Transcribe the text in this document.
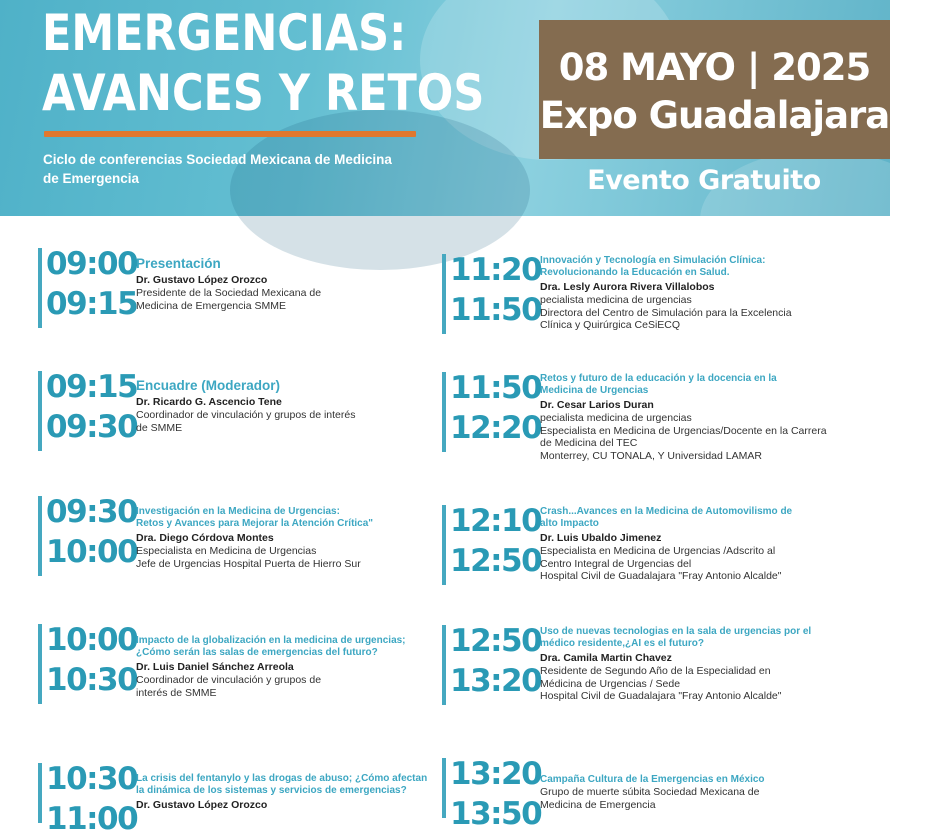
EMERGENCIAS:
AVANCES Y RETOS
Ciclo de conferencias Sociedad Mexicana de Medicina de Emergencia
08 MAYO | 2025
Expo Guadalajara
Evento Gratuito
09:00
09:15
Presentación
Dr. Gustavo López Orozco
Presidente de la Sociedad Mexicana de
Medicina de Emergencia SMME
09:15
09:30
Encuadre (Moderador)
Dr. Ricardo G. Ascencio Tene
Coordinador de vinculación y grupos de interés
de SMME
09:30
10:00
Investigación en la Medicina de Urgencias:
Retos y Avances para Mejorar la Atención Crítica"
Dra. Diego Córdova Montes
Especialista en Medicina de Urgencias
Jefe de Urgencias Hospital Puerta de Hierro Sur
10:00
10:30
Impacto de la globalización en la medicina de urgencias;
¿Cómo serán las salas de emergencias del futuro?
Dr. Luis Daniel Sánchez Arreola
Coordinador de vinculación y grupos de
interés de SMME
10:30
11:00
La crisis del fentanylo y las drogas de abuso; ¿Cómo afectan
la dinámica de los sistemas y servicios de emergencias?
Dr. Gustavo López Orozco
11:20
11:50
Innovación y Tecnología en Simulación Clínica:
Revolucionando la Educación en Salud.
Dra. Lesly Aurora Rivera Villalobos
pecialista medicina de urgencias
Directora del Centro de Simulación para la Excelencia
Clínica y Quirúrgica CeSiECQ
11:50
12:20
Retos y futuro de la educación y la docencia en la
Medicina de Urgencias
Dr. Cesar Larios Duran
pecialista medicina de urgencias
Especialista en Medicina de Urgencias/Docente en la Carrera
de Medicina del TEC
Monterrey, CU TONALA, Y Universidad LAMAR
12:10
12:50
Crash...Avances en la Medicina de Automovilismo de
alto Impacto
Dr. Luis Ubaldo Jimenez
Especialista en Medicina de Urgencias /Adscrito al
Centro Integral de Urgencias del
Hospital Civil de Guadalajara "Fray Antonio Alcalde"
12:50
13:20
Uso de nuevas tecnologias en la sala de urgencias por el
médico residente,¿AI es el futuro?
Dra. Camila Martin Chavez
Residente de Segundo Año de la Especialidad en
Médicina de Urgencias / Sede
Hospital Civil de Guadalajara "Fray Antonio Alcalde"
13:20
13:50
Campaña Cultura de la Emergencias en México
Grupo de muerte súbita Sociedad Mexicana de
Medicina de Emergencia
